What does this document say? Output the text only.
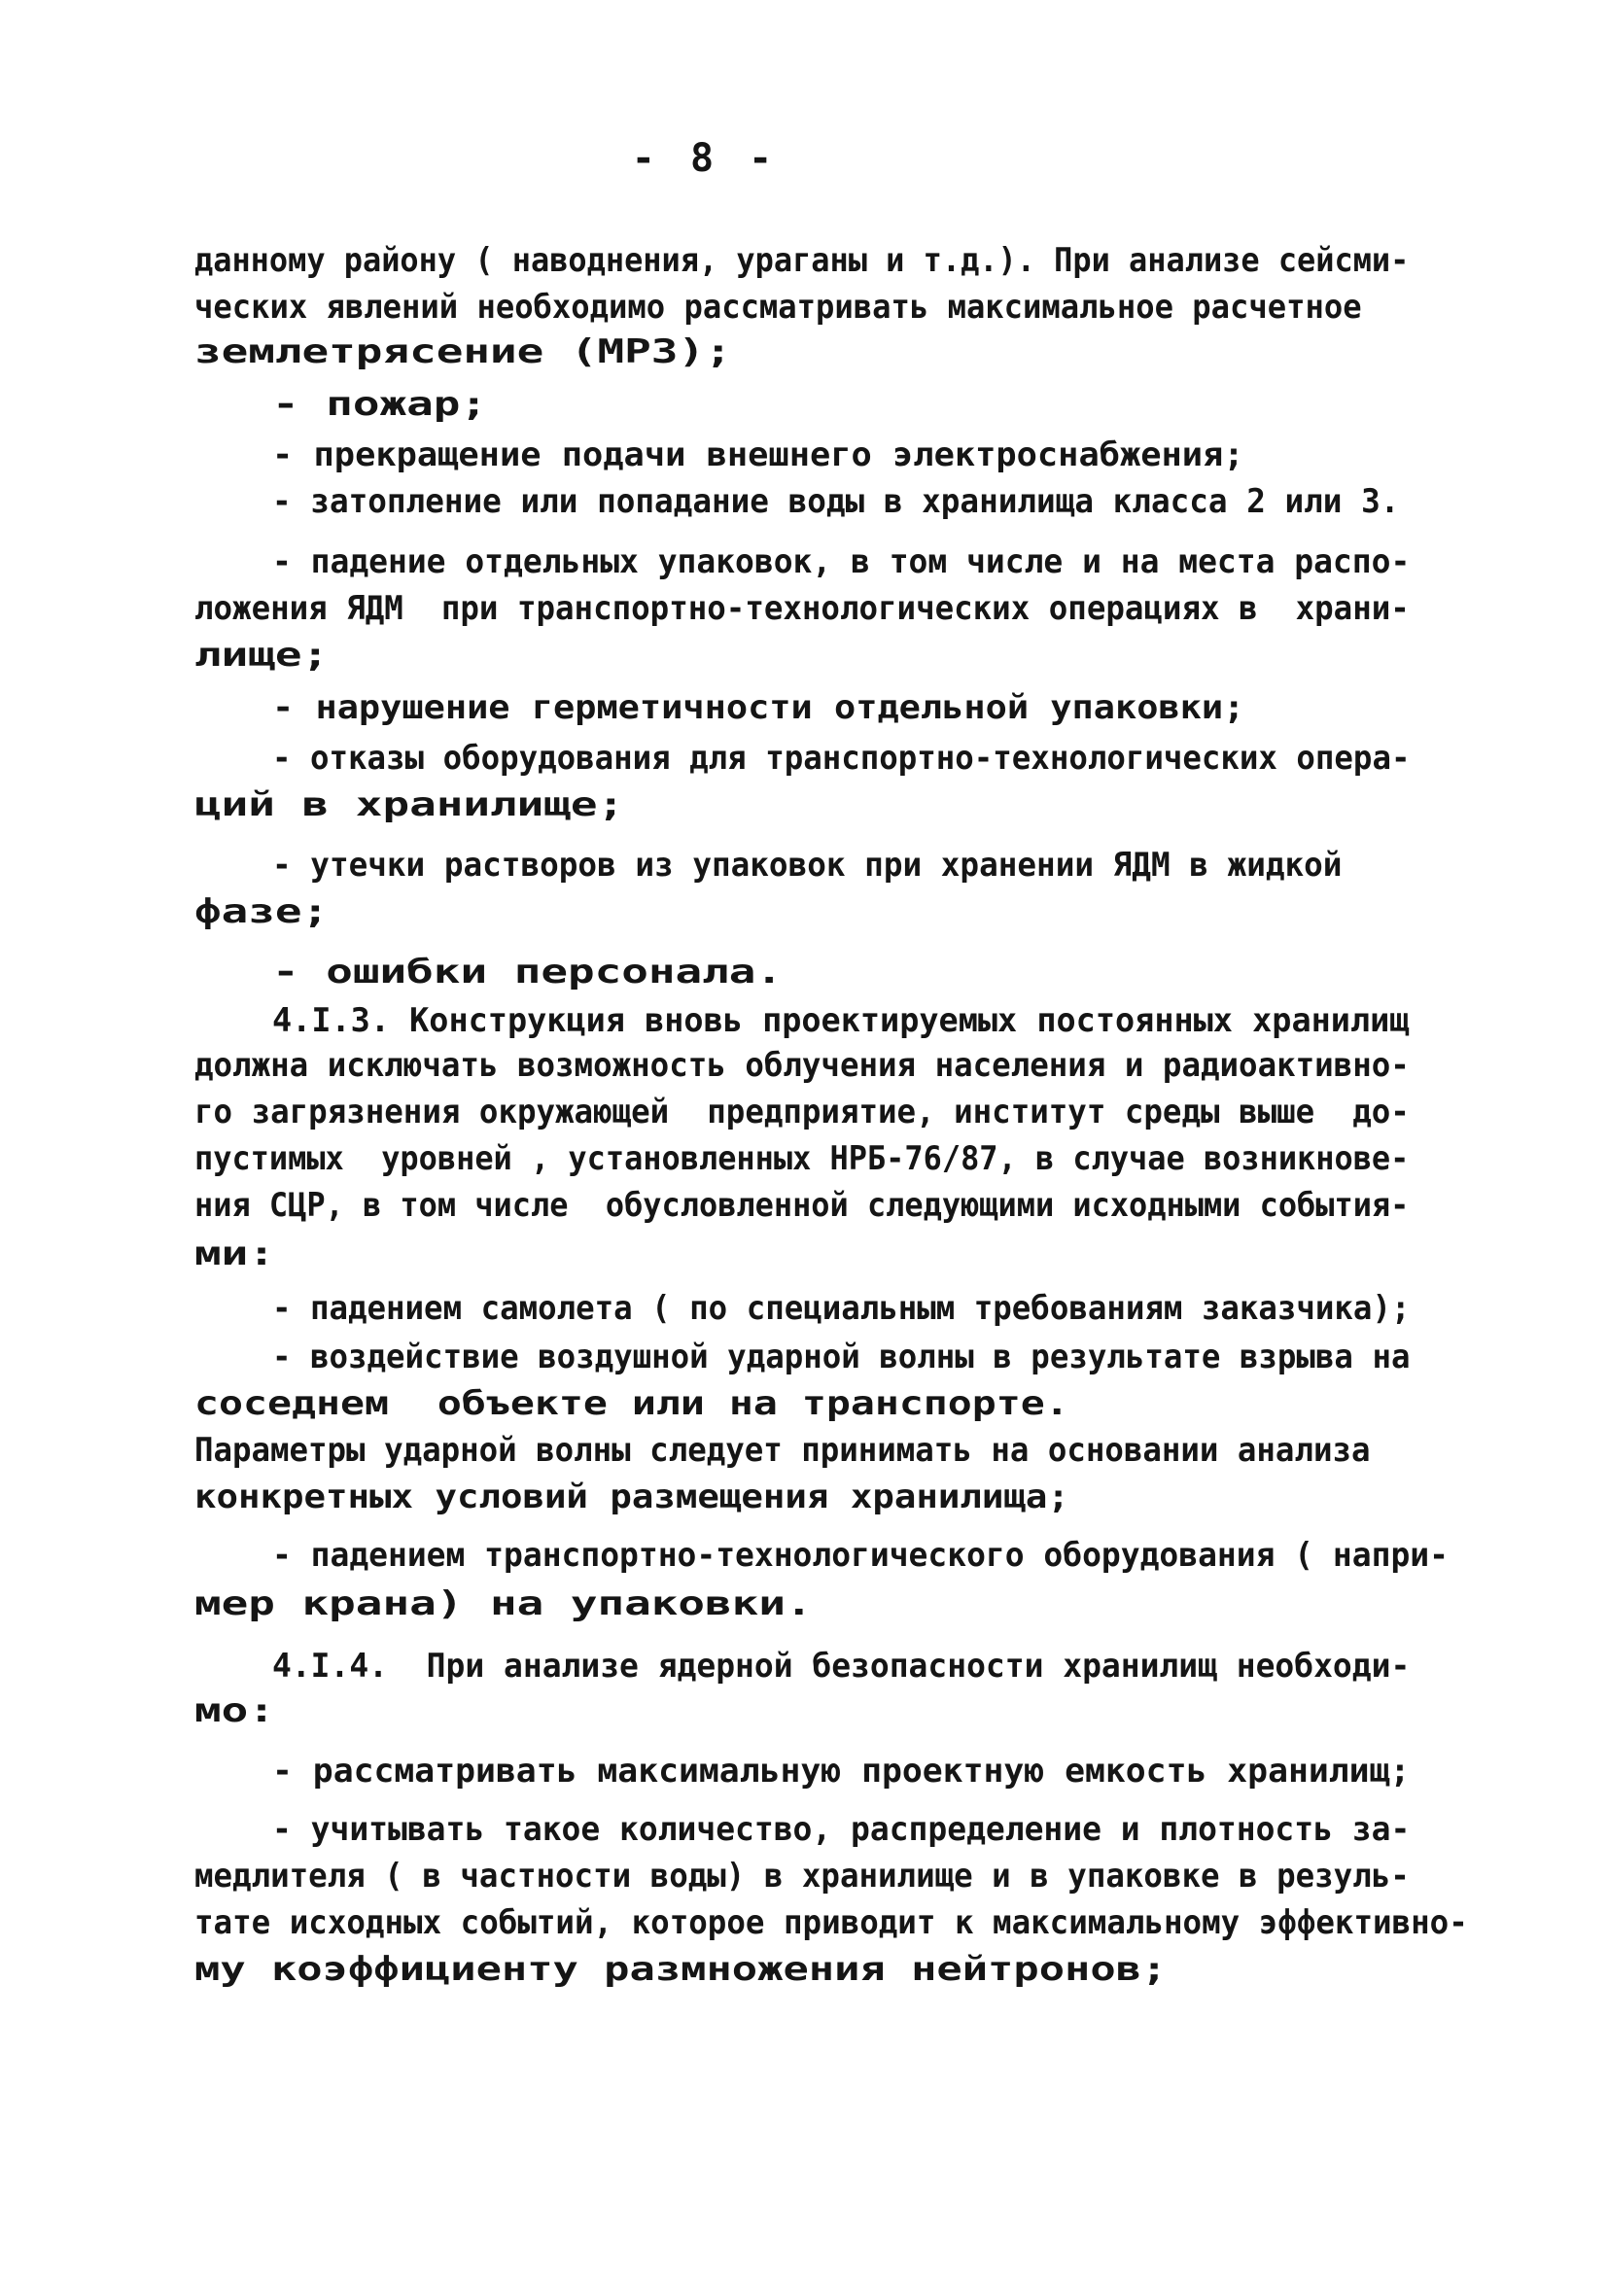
- 8 -
данному району ( наводнения, ураганы и т.д.). При анализе сейсми-
ческих явлений необходимо расcматривать максимальное расчетное
землетрясение (МРЗ);
- пожар;
- прекращение подачи внешнего электроснабжения;
- затопление или попадание воды в хранилища класса 2 или 3.
- падение отдельных упаковок, в том числе и на места распо-
ложения ЯДМ  при транспортно-технологических операциях в  храни-
лище;
- нарушение герметичности отдельной упаковки;
- отказы оборудования для транспортно-технологических опера-
ций в хранилище;
- утечки растворов из упаковок при хранении ЯДМ в жидкой
фазе;
- ошибки персонала.
4.I.3. Конструкция вновь проектируемых постоянных хранилищ
должна исключать возможность облучения населения и радиоактивно-
го загрязнения окружающей  предприятие, институт среды выше  до-
пустимых  уровней , установленных НРБ-76/87, в случае возникнове-
ния СЦР, в том числе  обусловленной следующими исходными события-
ми:
- падением самолета ( по специальным требованиям заказчика);
- воздействие воздушной ударной волны в результате взрыва на
соседнем  объекте или на транспорте.
Параметры ударной волны следует принимать на основании анализа
конкретных условий размещения хранилища;
- падением транспортно-технологического оборудования ( напри-
мер крана) на упаковки.
4.I.4.  При анализе ядерной безопасности хранилищ необходи-
мо:
- рассматривать максимальную проектную емкость хранилищ;
- учитывать такое количество, распределение и плотность за-
медлителя ( в частности воды) в хранилище и в упаковке в резуль-
тате исходных событий, которое приводит к максимальному эффективно-
му коэффициенту размножения нейтронов;
